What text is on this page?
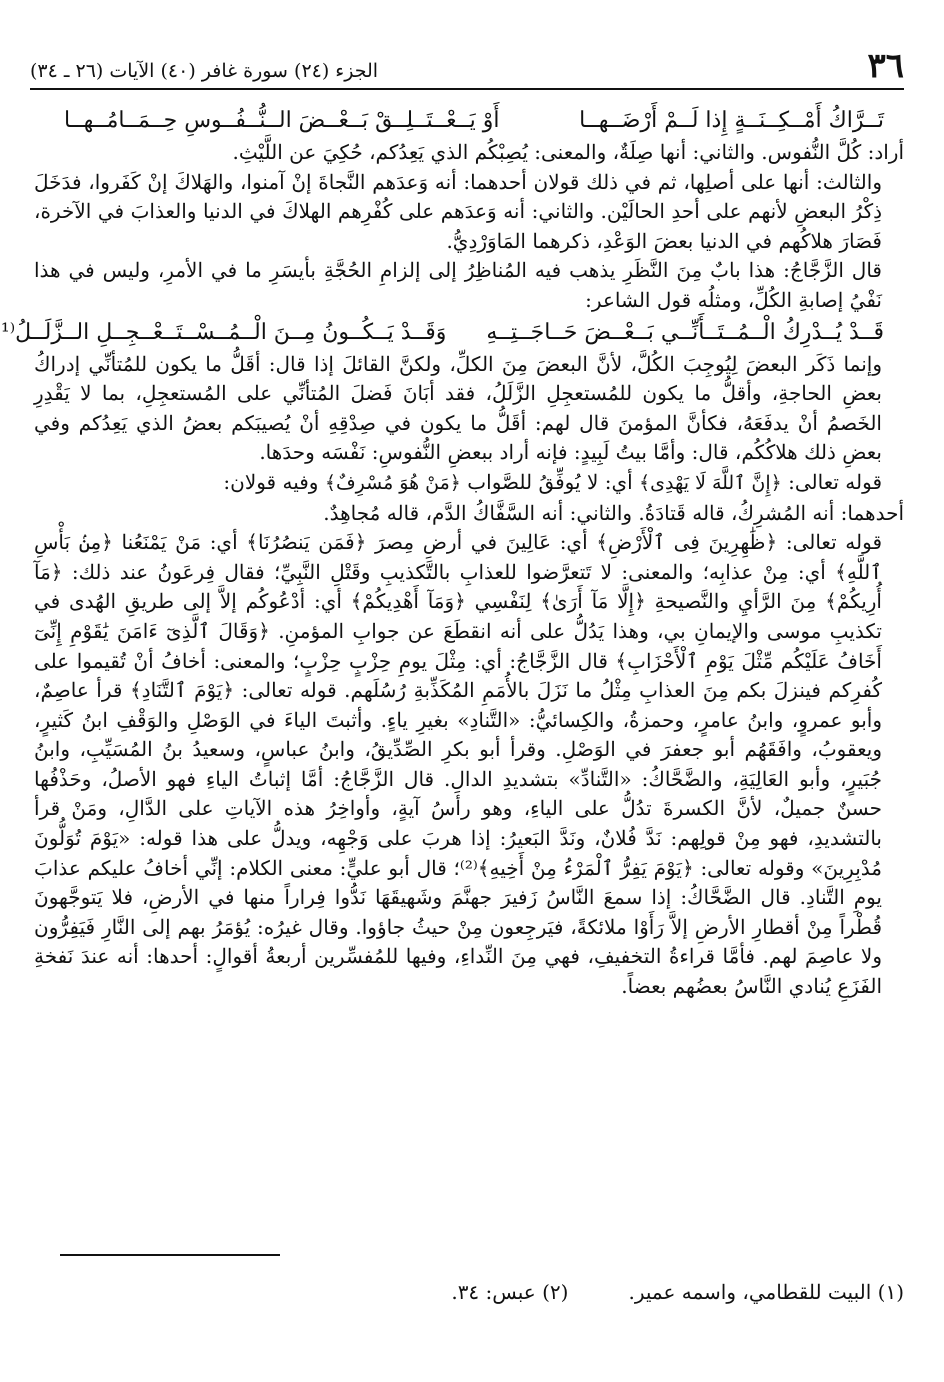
٣٦
الجزء (٢٤) سورة غافر (٤٠) الآيات (٢٦ ـ ٣٤)
تَــرَّاكُ أَمْــكِــنَــةٍ إِذا لَــمْ أَرْضَــهــا
أَوْ يَــعْــتَــلِــقْ بَــعْــضَ الــنُّــفُــوسِ حِــمَــامُــهــا

أراد: كُلَّ النُّفوس. والثاني: أنها صِلَةٌ، والمعنى: يُصِبْكُم الذي يَعِدُكم، حُكِيَ عن اللَّيْثِ.

والثالث: أنها على أصلِها، ثم في ذلك قولان أحدهما: أنه وَعدَهم النَّجاةَ إنْ آمنوا، والهَلاكَ إنْ كَفَروا، فدَخَلَ ذِكْرُ البعضِ لأنهم على أحدِ الحالَيْن. والثاني: أنه وَعدَهم على كُفْرِهم الهلاكَ في الدنيا والعذابَ في الآخرة، فَصَارَ هلاكُهم في الدنيا بعضَ الوَعْدِ، ذكرهما المَاوَرْدِيُّ.

قال الزَّجَّاجُ: هذا بابٌ مِنَ النَّظَرِ يذهب فيه المُناظِرُ إلى إلزامِ الحُجَّةِ بأيسَرِ ما في الأمرِ، وليس في هذا نَفْيُ إصابةِ الكُلِّ، ومثلُه قول الشاعر:

قَــدْ يُــدْرِكُ الْــمُــتَــأَنِّــي بَــعْــضَ حَــاجَــتِــهِ
وَقَــدْ يَــكُــونُ مِــنَ الْــمُــسْــتَــعْــجِــلِ الــزَّلَــلُ⁽¹

وإنما ذَكَر البعضَ لِيُوجِبَ الكُلَّ، لأنَّ البعضَ مِنَ الكلِّ، ولكنَّ القائلَ إذا قال: أقَلُّ ما يكون للمُتأنِّي إدراكُ بعضِ الحاجةِ، وأقلُّ ما يكون للمُستعجِلِ الزَّلَلُ، فقد أبَانَ فَضلَ المُتأنِّي على المُستعجِلِ، بما لا يَقْدِرِ الخَصمُ أنْ يدفَعَهُ، فكأنَّ المؤمنَ قال لهم: أقَلُّ ما يكون في صِدْقِهِ أنْ يُصيبَكم بعضُ الذي يَعِدُكم وفي بعضِ ذلك هلاكُكُم، قال: وأمَّا بيتُ لَبِيدٍ: فإنه أراد ببعضِ النُّفوسِ: نَفْسَه وحدَها.

قوله تعالى: ﴿إِنَّ ٱللَّهَ لَا يَهْدِى﴾ أي: لا يُوفِّقُ للصَّواب ﴿مَنْ هُوَ مُسْرِفٌ﴾ وفيه قولان:

أحدهما: أنه المُشرِكُ، قاله قَتادَةُ. والثاني: أنه السَّفَّاكُ الدَّم، قاله مُجاهِدٌ.

قوله تعالى: ﴿ظَٰهِرِينَ فِى ٱلْأَرْضِ﴾ أي: عَالِينَ في أرضِ مِصرَ ﴿فَمَن يَنصُرُنَا﴾ أي: مَنْ يَمْنَعُنا ﴿مِنۢ بَأْسِ ٱللَّهِ﴾ أي: مِنْ عذابِه؛ والمعنى: لا تَتعرَّضوا للعذابِ بالتَّكذيبِ وقَتْلِ النَّبِيِّ؛ فقال فِرعَونُ عند ذلك: ﴿مَآ أُرِيكُمْ﴾ مِنَ الرَّأيِ والنَّصيحةِ ﴿إِلَّا مَآ أَرَىٰ﴾ لِنَفْسِي ﴿وَمَآ أَهْدِيكُمْ﴾ أي: أدْعُوكُم إلاَّ إلى طريقِ الهُدى في تكذيبِ موسى والإيمانِ بي، وهذا يَدُلُّ على أنه انقطَعَ عن جوابِ المؤمنِ. ﴿وَقَالَ ٱلَّذِىٓ ءَامَنَ يَٰقَوْمِ إِنِّىٓ أَخَافُ عَلَيْكُم مِّثْلَ يَوْمِ ٱلْأَحْزَابِ﴾ قال الزَّجَّاجُ: أي: مِثْلَ يومِ حِزْبٍ حِزْبٍ؛ والمعنى: أخافُ أنْ تُقيموا على كُفرِكم فينزلَ بكم مِنَ العذابِ مِثْلُ ما نَزَلَ بالأُمَمِ المُكَذِّبةِ رُسُلَهم. قوله تعالى: ﴿يَوْمَ ٱلتَّنَادِ﴾ قرأ عاصِمٌ، وأبو عمروٍ، وابنُ عامرٍ، وحمزةُ، والكِسائيُّ: «التَّنادِ» بغيرِ ياءٍ. وأثبتَ الياءَ في الوَصْلِ والوَقْفِ ابنُ كَثيرٍ، ويعقوبُ، وافَقَهُم أبو جعفرَ في الوَصْلِ. وقرأ أبو بكرِ الصِّدِّيقُ، وابنُ عباسٍ، وسعيدُ بنُ المُسَيِّبِ، وابنُ جُبَيرٍ، وأبو العَالِيَةِ، والضَّحَّاكُ: «التَّنادِّ» بتشديدِ الدالِ. قال الزَّجَّاجُ: أمَّا إثباتُ الياءِ فهو الأصلُ، وحَذْفُها حسنٌ جميلٌ، لأنَّ الكسرةَ تدُلُّ على الياءِ، وهو رأسُ آيةٍ، وأواخِرُ هذه الآياتِ على الدَّالِ، ومَنْ قرأ بالتشديدِ، فهو مِنْ قولِهم: نَدَّ فُلانٌ، ونَدَّ البَعيرُ: إذا هربَ على وَجْهِه، ويدلُّ على هذا قوله: «يَوْمَ تُوَلُّونَ مُدْبِرِينَ» وقوله تعالى: ﴿يَوْمَ يَفِرُّ ٱلْمَرْءُ مِنْ أَخِيهِ﴾⁽²⁾؛ قال أبو عليٍّ: معنى الكلام: إنِّي أخافُ عليكم عذابَ يومِ التَّنادِ. قال الضَّحَّاكُ: إذا سمعَ النَّاسُ زَفيرَ جهنَّمَ وشَهيقَهَا نَدُّوا فِراراً منها في الأرضِ، فلا يَتوجَّهونَ قُطْراً مِنْ أقطارِ الأرضِ إلاَّ رَأَوْا ملائكةً، فيَرجِعون مِنْ حيثُ جاؤوا. وقال غيرُه: يُؤمَرُ بهم إلى النَّارِ فَيَفِرُّون ولا عاصِمَ لهم. فأمَّا قراءةُ التخفيفِ، فهي مِنَ النِّداءِ، وفيها للمُفسِّرين أربعةُ أقوالٍ: أحدها: أنه عندَ نَفخةِ الفَزَعِ يُنادي النَّاسُ بعضُهم بعضاً.

(١) البيت للقطامي، واسمه عمير.
(٢) عبس: ٣٤.
